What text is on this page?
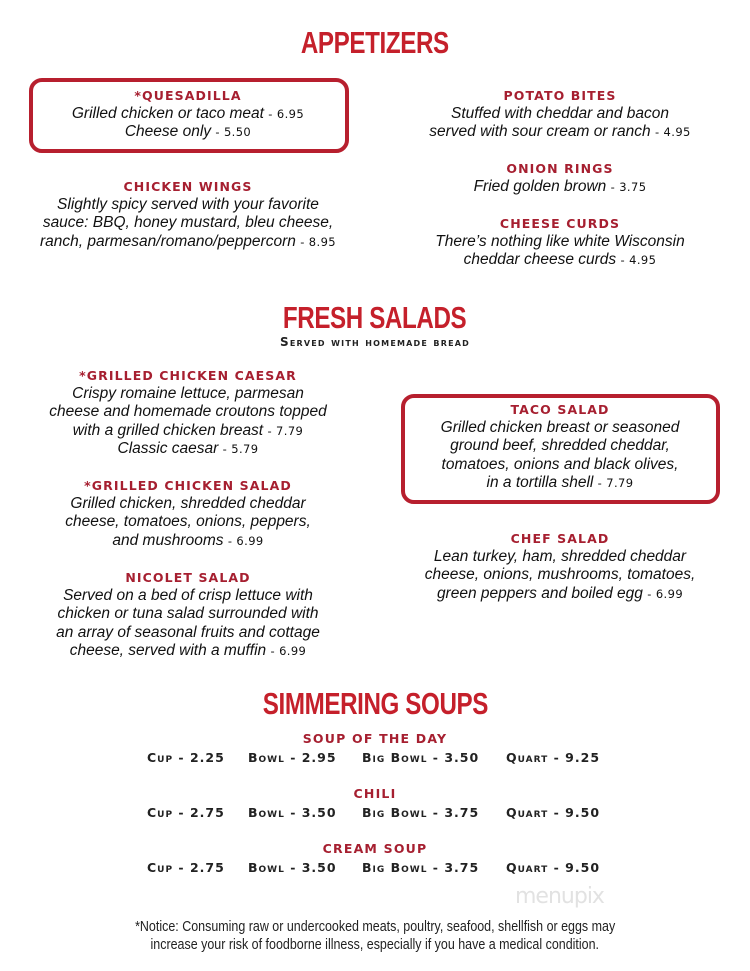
APPETIZERS
FRESH SALADS
Served with homemade bread
SIMMERING SOUPS
*QUESADILLA
Grilled chicken or taco meat - 6.95
Cheese only - 5.50
CHICKEN WINGS
Slightly spicy served with your favorite
sauce: BBQ, honey mustard, bleu cheese,
ranch, parmesan/romano/peppercorn - 8.95
POTATO BITES
Stuffed with cheddar and bacon
served with sour cream or ranch - 4.95
ONION RINGS
Fried golden brown - 3.75
CHEESE CURDS
There’s nothing like white Wisconsin
cheddar cheese curds - 4.95
*GRILLED CHICKEN CAESAR
Crispy romaine lettuce, parmesan
cheese and homemade croutons topped
with a grilled chicken breast - 7.79
Classic caesar - 5.79
*GRILLED CHICKEN SALAD
Grilled chicken, shredded cheddar
cheese, tomatoes, onions, peppers,
and mushrooms - 6.99
NICOLET SALAD
Served on a bed of crisp lettuce with
chicken or tuna salad surrounded with
an array of seasonal fruits and cottage
cheese, served with a muffin - 6.99
TACO SALAD
Grilled chicken breast or seasoned
ground beef, shredded cheddar,
tomatoes, onions and black olives,
in a tortilla shell - 7.79
CHEF SALAD
Lean turkey, ham, shredded cheddar
cheese, onions, mushrooms, tomatoes,
green peppers and boiled egg - 6.99
SOUP OF THE DAY
Cup - 2.25 Bowl - 2.95 Big Bowl - 3.50 Quart - 9.25
CHILI
Cup - 2.75 Bowl - 3.50 Big Bowl - 3.75 Quart - 9.50
CREAM SOUP
Cup - 2.75 Bowl - 3.50 Big Bowl - 3.75 Quart - 9.50
*Notice: Consuming raw or undercooked meats, poultry, seafood, shellfish or eggs may
increase your risk of foodborne illness, especially if you have a medical condition.
menupix
